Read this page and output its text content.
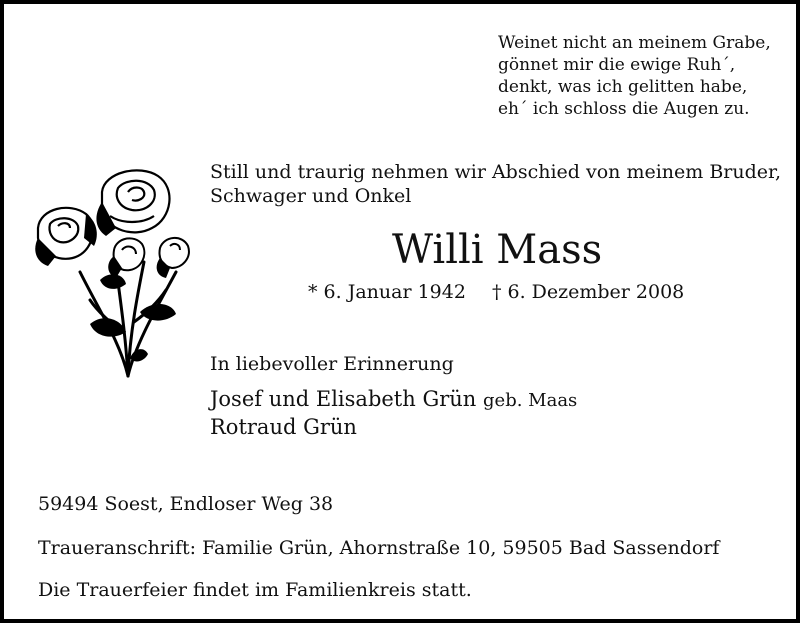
Weinet nicht an meinem Grabe,
gönnet mir die ewige Ruh´,
denkt, was ich gelitten habe,
eh´ ich schloss die Augen zu.
Still und traurig nehmen wir Abschied von meinem Bruder,
Schwager und Onkel
Willi Mass
* 6. Januar 1942 † 6. Dezember 2008
In liebevoller Erinnerung
Josef und Elisabeth Grün geb. Maas
Rotraud Grün
59494 Soest, Endloser Weg 38
Traueranschrift: Familie Grün, Ahornstraße 10, 59505 Bad Sassendorf
Die Trauerfeier findet im Familienkreis statt.
